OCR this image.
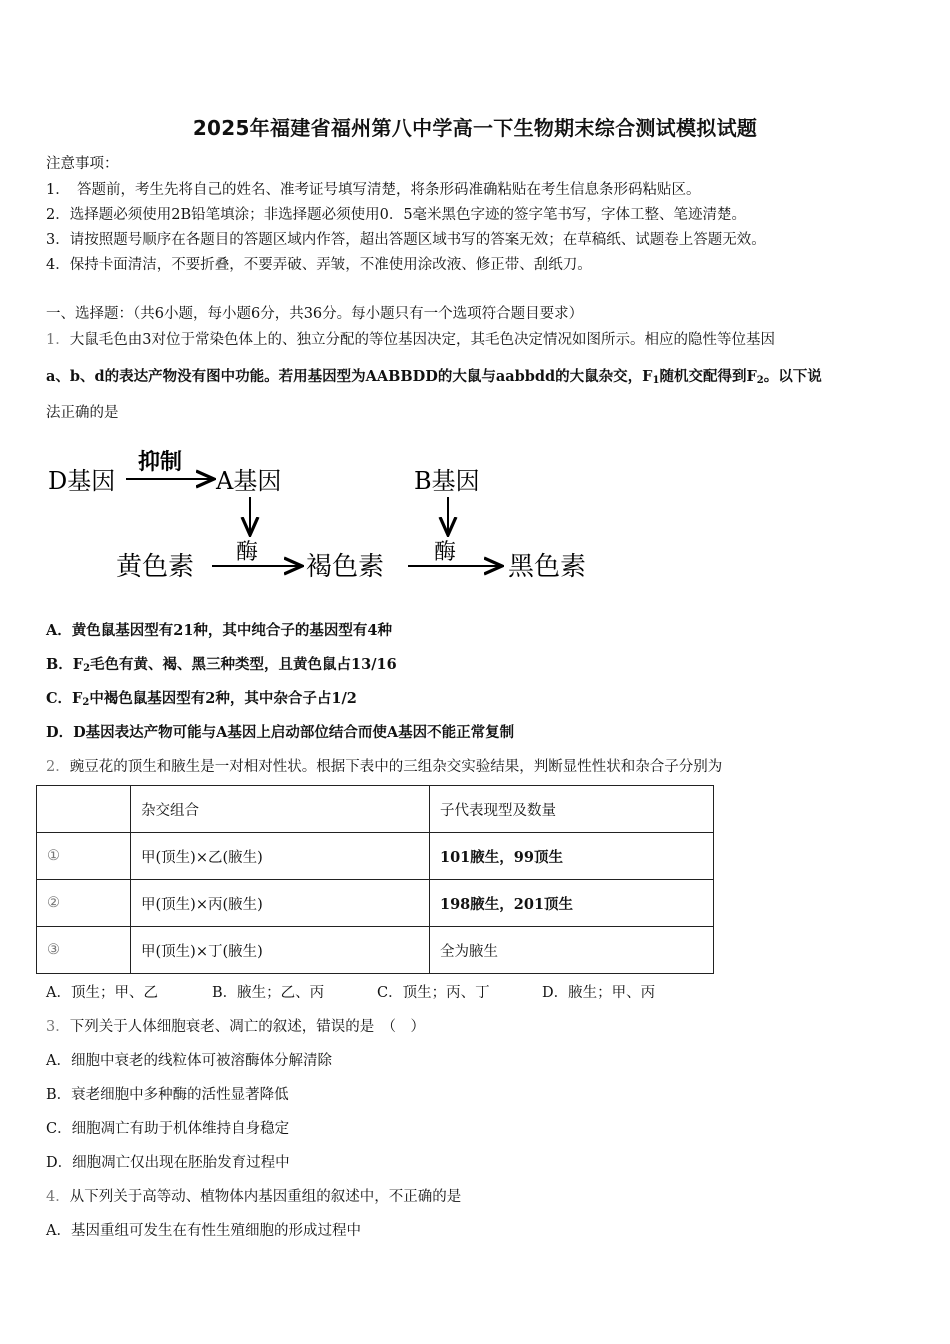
2025年福建省福州第八中学高一下生物期末综合测试模拟试题
注意事项：
1．　答题前，考生先将自己的姓名、准考证号填写清楚，将条形码准确粘贴在考生信息条形码粘贴区。
2．选择题必须使用2B铅笔填涂；非选择题必须使用0．5毫米黑色字迹的签字笔书写，字体工整、笔迹清楚。
3．请按照题号顺序在各题目的答题区域内作答，超出答题区域书写的答案无效；在草稿纸、试题卷上答题无效。
4．保持卡面清洁，不要折叠，不要弄破、弄皱，不准使用涂改液、修正带、刮纸刀。
一、选择题：（共6小题，每小题6分，共36分。每小题只有一个选项符合题目要求）
1．大鼠毛色由3对位于常染色体上的、独立分配的等位基因决定，其毛色决定情况如图所示。相应的隐性等位基因
a、b、d的表达产物没有图中功能。若用基因型为AABBDD的大鼠与aabbdd的大鼠杂交，$F_1$随机交配得到$F_2$。以下说
法正确的是
D基因
抑制
A基因	B基因
酶	酶
黄色素	褐色素	黑色素
A．黄色鼠基因型有21种，其中纯合子的基因型有4种
B．$F_2$毛色有黄、褐、黑三种类型，且黄色鼠占13/16
C．$F_2$中褐色鼠基因型有2种，其中杂合子占1/2
D．D基因表达产物可能与A基因上启动部位结合而使A基因不能正常复制
2．豌豆花的顶生和腋生是一对相对性状。根据下表中的三组杂交实验结果，判断显性性状和杂合子分别为
	杂交组合	子代表现型及数量
①	甲(顶生)×乙(腋生)	101腋生，99顶生
②	甲(顶生)×丙(腋生)	198腋生，201顶生
③	甲(顶生)×丁(腋生)	全为腋生
A．顶生；甲、乙	B．腋生；乙、丙	C．顶生；丙、丁	D．腋生；甲、丙
3．下列关于人体细胞衰老、凋亡的叙述，错误的是　（　）
A．细胞中衰老的线粒体可被溶酶体分解清除
B．衰老细胞中多种酶的活性显著降低
C．细胞凋亡有助于机体维持自身稳定
D．细胞凋亡仅出现在胚胎发育过程中
4．从下列关于高等动、植物体内基因重组的叙述中，不正确的是
A．基因重组可发生在有性生殖细胞的形成过程中
